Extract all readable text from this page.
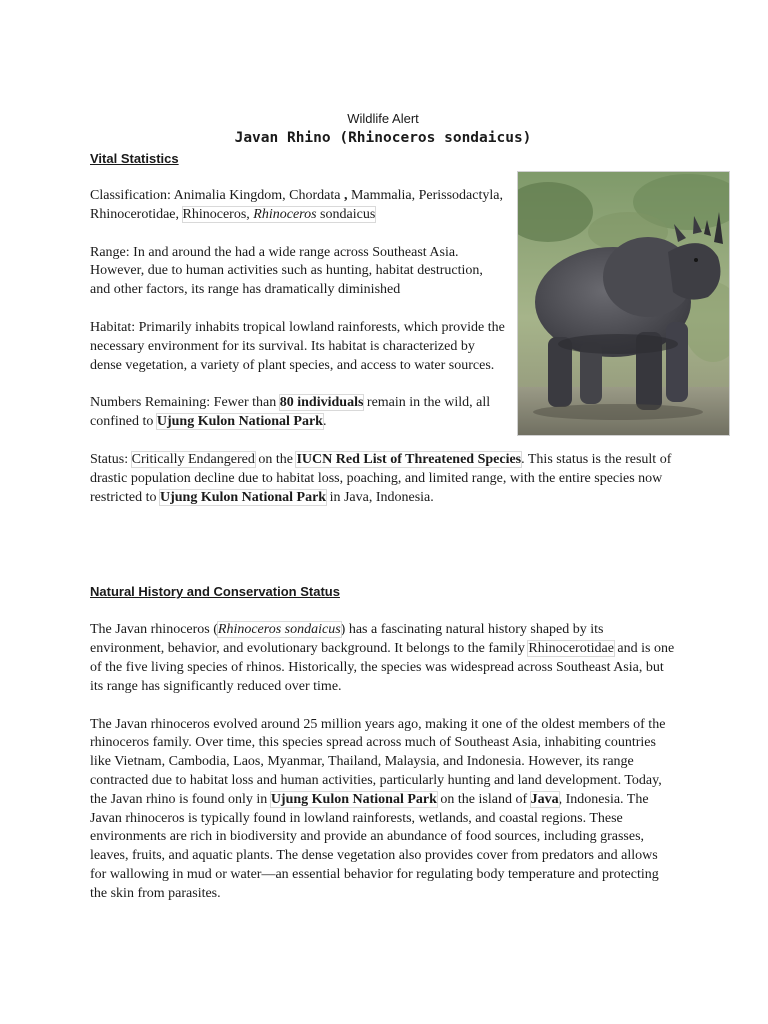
Wildlife Alert

Javan Rhino (Rhinoceros sondaicus)

Vital Statistics

Classification: Animalia Kingdom, Chordata , Mammalia, Perissodactyla, Rhinocerotidae, Rhinoceros, Rhinoceros sondaicus

Range: In and around the had a wide range across Southeast Asia. However, due to human activities such as hunting, habitat destruction, and other factors, its range has dramatically diminished

Habitat: Primarily inhabits tropical lowland rainforests, which provide the necessary environment for its survival. Its habitat is characterized by dense vegetation, a variety of plant species, and access to water sources.

Numbers Remaining: Fewer than 80 individuals remain in the wild, all confined to Ujung Kulon National Park.

Status: Critically Endangered on the IUCN Red List of Threatened Species. This status is the result of drastic population decline due to habitat loss, poaching, and limited range, with the entire species now restricted to Ujung Kulon National Park in Java, Indonesia.

Natural History and Conservation Status

The Javan rhinoceros (Rhinoceros sondaicus) has a fascinating natural history shaped by its environment, behavior, and evolutionary background. It belongs to the family Rhinocerotidae and is one of the five living species of rhinos. Historically, the species was widespread across Southeast Asia, but its range has significantly reduced over time.

The Javan rhinoceros evolved around 25 million years ago, making it one of the oldest members of the rhinoceros family. Over time, this species spread across much of Southeast Asia, inhabiting countries like Vietnam, Cambodia, Laos, Myanmar, Thailand, Malaysia, and Indonesia. However, its range contracted due to habitat loss and human activities, particularly hunting and land development. Today, the Javan rhino is found only in Ujung Kulon National Park on the island of Java, Indonesia. The Javan rhinoceros is typically found in lowland rainforests, wetlands, and coastal regions. These environments are rich in biodiversity and provide an abundance of food sources, including grasses, leaves, fruits, and aquatic plants. The dense vegetation also provides cover from predators and allows for wallowing in mud or water—an essential behavior for regulating body temperature and protecting the skin from parasites.
